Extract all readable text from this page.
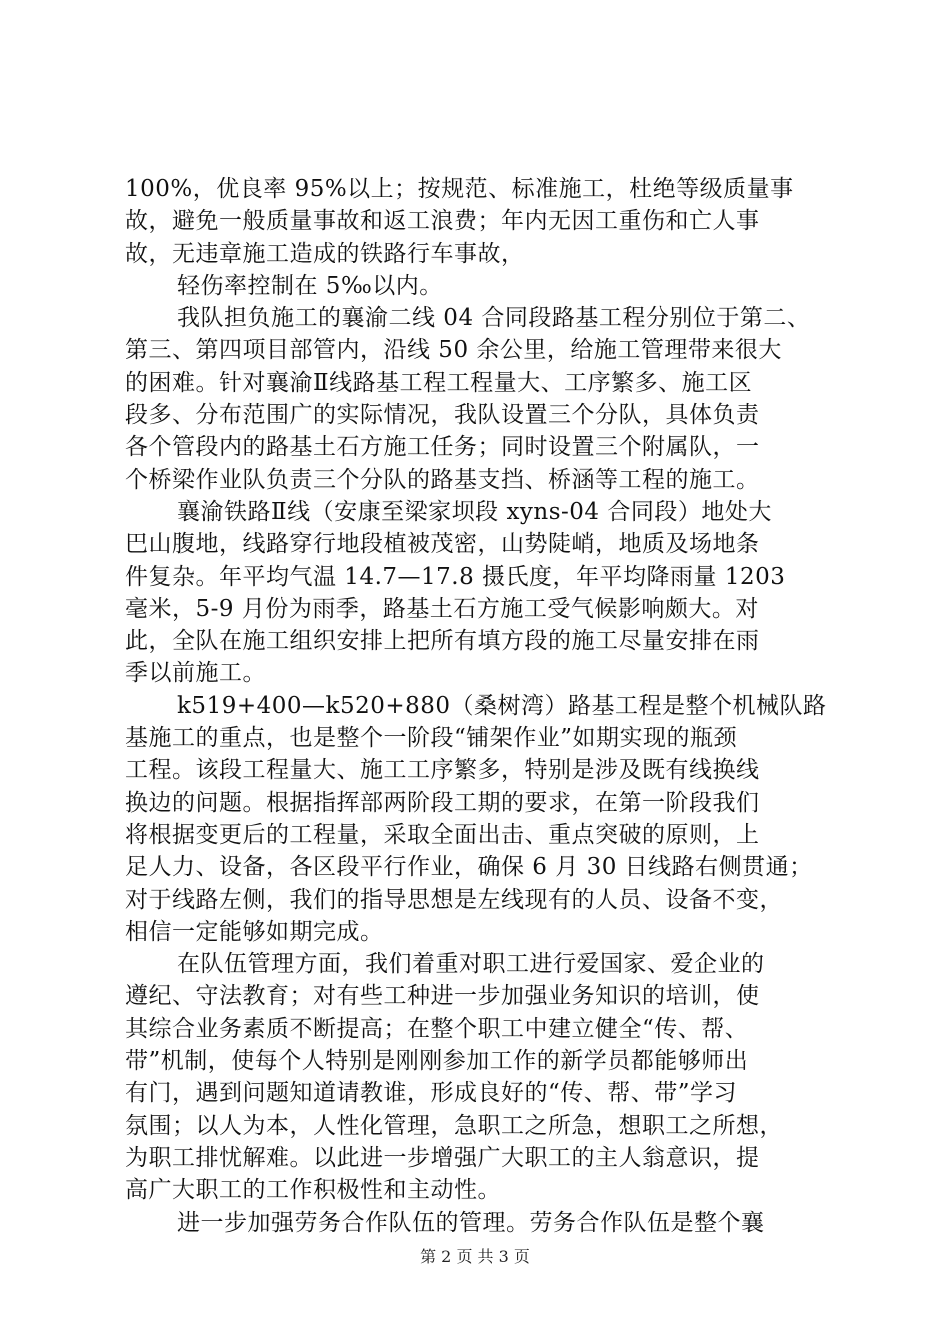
100%，优良率 95%以上；按规范、标准施工，杜绝等级质量事
故，避免一般质量事故和返工浪费；年内无因工重伤和亡人事
故，无违章施工造成的铁路行车事故，
轻伤率控制在 5‰以内。
我队担负施工的襄渝二线 04 合同段路基工程分别位于第二、
第三、第四项目部管内，沿线 50 余公里，给施工管理带来很大
的困难。针对襄渝Ⅱ线路基工程工程量大、工序繁多、施工区
段多、分布范围广的实际情况，我队设置三个分队，具体负责
各个管段内的路基土石方施工任务；同时设置三个附属队，一
个桥梁作业队负责三个分队的路基支挡、桥涵等工程的施工。
襄渝铁路Ⅱ线（安康至梁家坝段 xyns-04 合同段）地处大
巴山腹地，线路穿行地段植被茂密，山势陡峭，地质及场地条
件复杂。年平均气温 14.7—17.8 摄氏度，年平均降雨量 1203
毫米，5-9 月份为雨季，路基土石方施工受气候影响颇大。对
此，全队在施工组织安排上把所有填方段的施工尽量安排在雨
季以前施工。
k519+400—k520+880（桑树湾）路基工程是整个机械队路
基施工的重点，也是整个一阶段“铺架作业”如期实现的瓶颈
工程。该段工程量大、施工工序繁多，特别是涉及既有线换线
换边的问题。根据指挥部两阶段工期的要求，在第一阶段我们
将根据变更后的工程量，采取全面出击、重点突破的原则，上
足人力、设备，各区段平行作业，确保 6 月 30 日线路右侧贯通；
对于线路左侧，我们的指导思想是左线现有的人员、设备不变，
相信一定能够如期完成。
在队伍管理方面，我们着重对职工进行爱国家、爱企业的
遵纪、守法教育；对有些工种进一步加强业务知识的培训，使
其综合业务素质不断提高；在整个职工中建立健全“传、帮、
带”机制，使每个人特别是刚刚参加工作的新学员都能够师出
有门，遇到问题知道请教谁，形成良好的“传、帮、带”学习
氛围；以人为本，人性化管理，急职工之所急，想职工之所想，
为职工排忧解难。以此进一步增强广大职工的主人翁意识，提
高广大职工的工作积极性和主动性。
进一步加强劳务合作队伍的管理。劳务合作队伍是整个襄
第 2 页 共 3 页
